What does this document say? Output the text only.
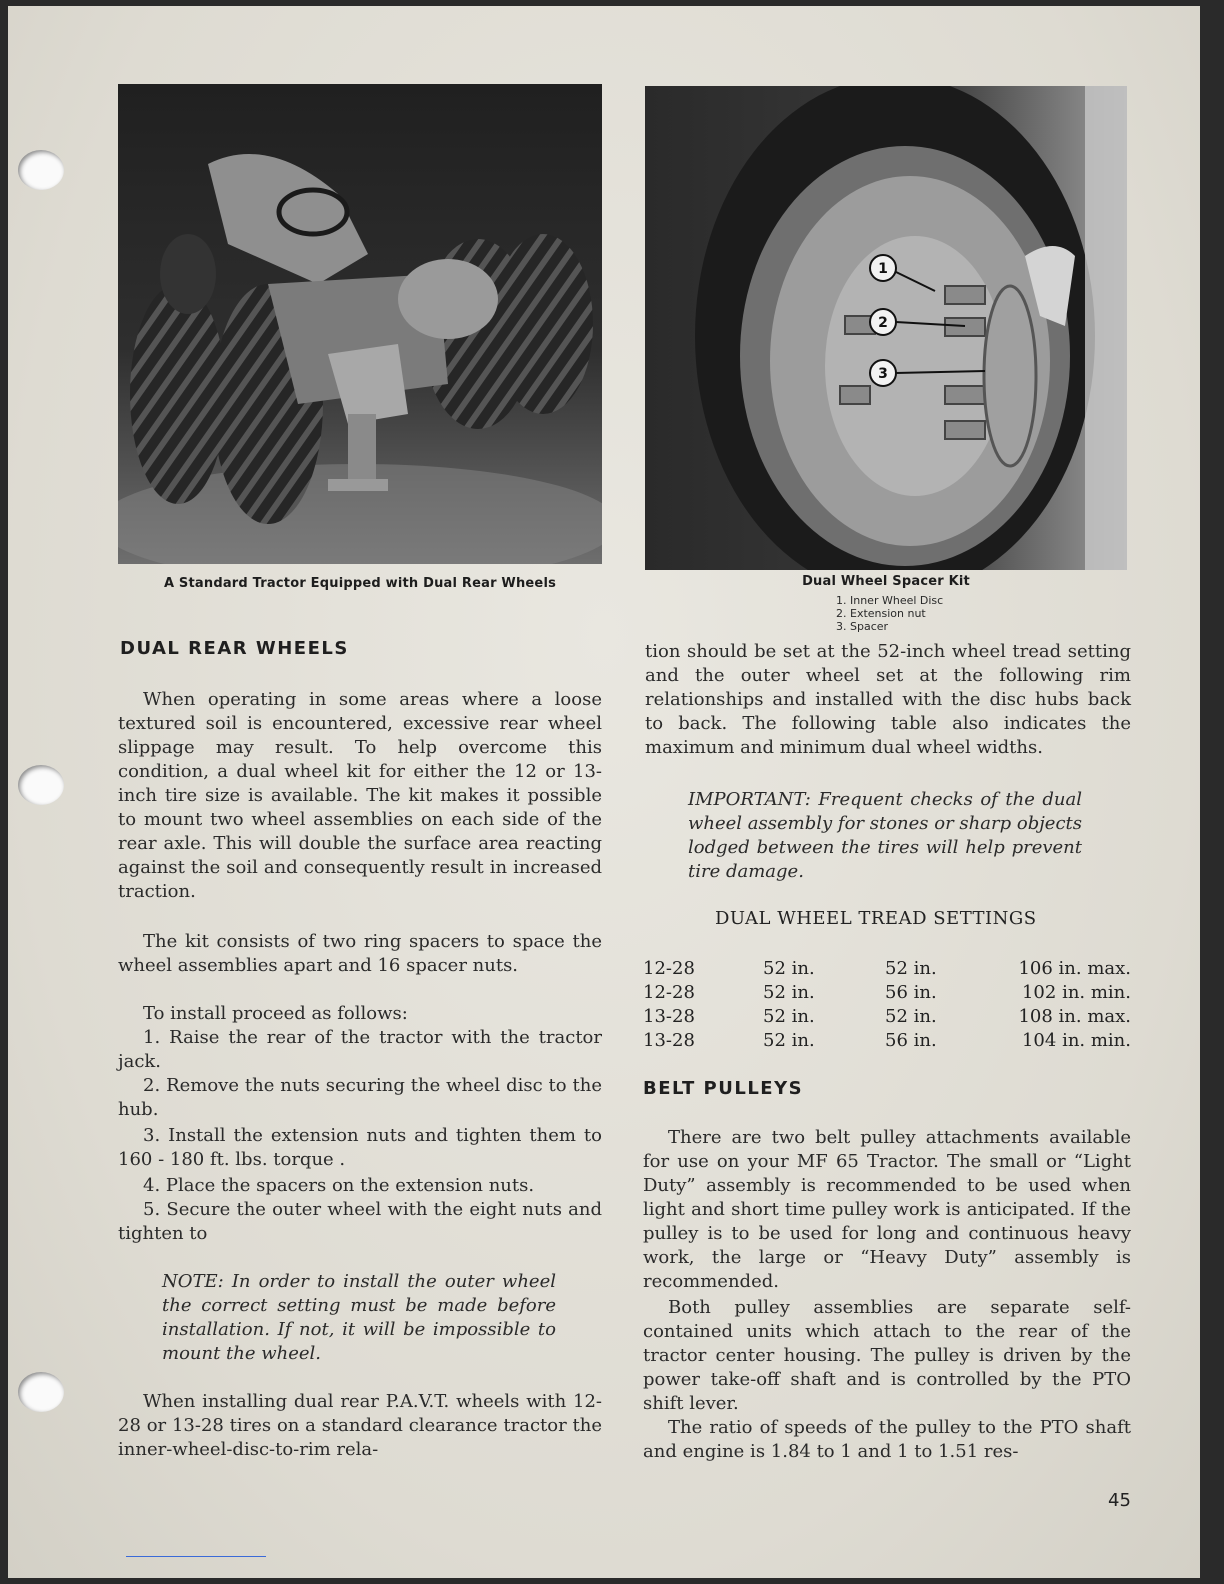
A Standard Tractor Equipped with Dual Rear Wheels
1
2
3
Dual Wheel Spacer Kit
1. Inner Wheel Disc
2. Extension nut
3. Spacer
DUAL REAR WHEELS

When operating in some areas where a loose textured soil is encountered, excessive rear wheel slippage may result. To help overcome this condition, a dual wheel kit for either the 12 or 13-inch tire size is available. The kit makes it possible to mount two wheel assemblies on each side of the rear axle. This will double the surface area reacting against the soil and consequently result in increased traction.

The kit consists of two ring spacers to space the wheel assemblies apart and 16 spacer nuts.

To install proceed as follows:

1. Raise the rear of the tractor with the tractor jack.

2. Remove the nuts securing the wheel disc to the hub.

3. Install the extension nuts and tighten them to 160 - 180 ft. lbs. torque .

4. Place the spacers on the extension nuts.

5. Secure the outer wheel with the eight nuts and tighten to

NOTE: In order to install the outer wheel the correct setting must be made before installation. If not, it will be impossible to mount the wheel.

When installing dual rear P.A.V.T. wheels with 12-28 or 13-28 tires on a standard clearance tractor the inner-wheel-disc-to-rim rela-

tion should be set at the 52-inch wheel tread setting and the outer wheel set at the following rim relationships and installed with the disc hubs back to back. The following table also indicates the maximum and minimum dual wheel widths.

IMPORTANT: Frequent checks of the dual wheel assembly for stones or sharp objects lodged between the tires will help prevent tire damage.

DUAL WHEEL TREAD SETTINGS
12-28	52 in.	52 in.	106 in. max.
12-28	52 in.	56 in.	102 in. min.
13-28	52 in.	52 in.	108 in. max.
13-28	52 in.	56 in.	104 in. min.
BELT PULLEYS

There are two belt pulley attachments available for use on your MF 65 Tractor. The small or “Light Duty” assembly is recommended to be used when light and short time pulley work is anticipated. If the pulley is to be used for long and continuous heavy work, the large or “Heavy Duty” assembly is recommended.

Both pulley assemblies are separate self-contained units which attach to the rear of the tractor center housing. The pulley is driven by the power take-off shaft and is controlled by the PTO shift lever.

The ratio of speeds of the pulley to the PTO shaft and engine is 1.84 to 1 and 1 to 1.51 res-

45
